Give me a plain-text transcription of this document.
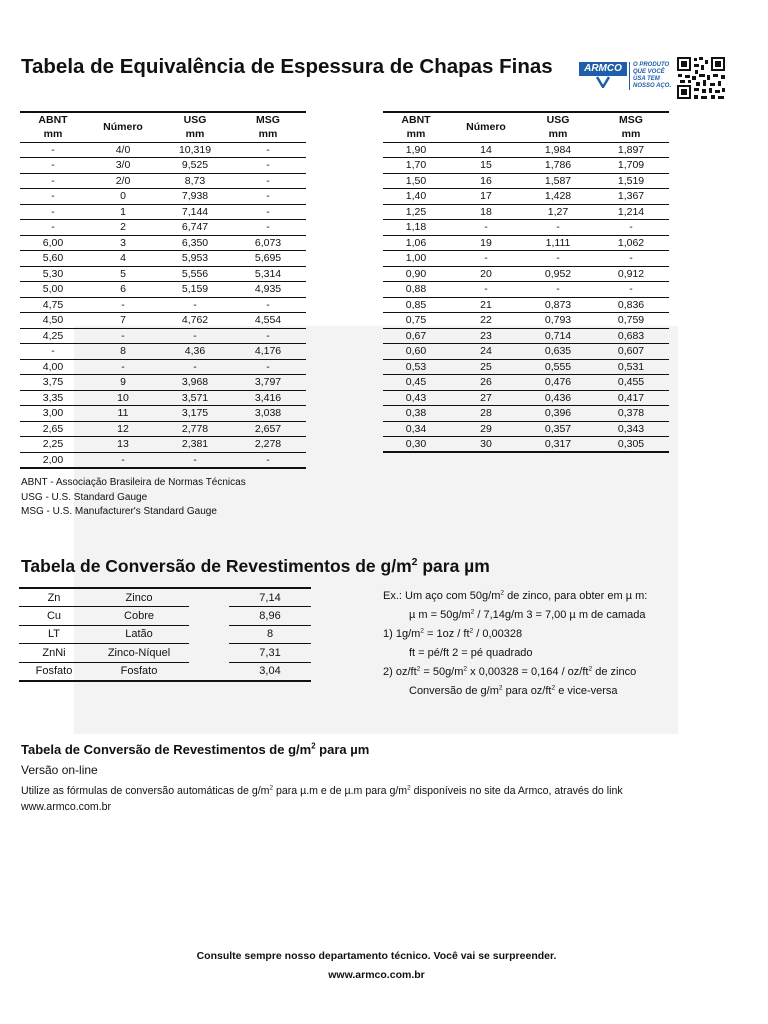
Tabela de Equivalência de Espessura de Chapas Finas	ARMCO	O PRODUTO
QUE VOCÊ
USA TEM
NOSSO AÇO.
ABNT	Número	USG	MSG
mm		mm	mm
-	4/0	10,319	-
-	3/0	9,525	-
-	2/0	8,73	-
-	0	7,938	-
-	1	7,144	-
-	2	6,747	-
6,00	3	6,350	6,073
5,60	4	5,953	5,695
5,30	5	5,556	5,314
5,00	6	5,159	4,935
4,75	-	-	-
4,50	7	4,762	4,554
4,25	-	-	-
-	8	4,36	4,176
4,00	-	-	-
3,75	9	3,968	3,797
3,35	10	3,571	3,416
3,00	11	3,175	3,038
2,65	12	2,778	2,657
2,25	13	2,381	2,278
2,00	-	-	-
ABNT	Número	USG	MSG
mm		mm	mm
1,90	14	1,984	1,897
1,70	15	1,786	1,709
1,50	16	1,587	1,519
1,40	17	1,428	1,367
1,25	18	1,27	1,214
1,18	-	-	-
1,06	19	1,111	1,062
1,00	-	-	-
0,90	20	0,952	0,912
0,88	-	-	-
0,85	21	0,873	0,836
0,75	22	0,793	0,759
0,67	23	0,714	0,683
0,60	24	0,635	0,607
0,53	25	0,555	0,531
0,45	26	0,476	0,455
0,43	27	0,436	0,417
0,38	28	0,396	0,378
0,34	29	0,357	0,343
0,30	30	0,317	0,305
ABNT - Associação Brasileira de Normas Técnicas
USG - U.S. Standard Gauge
MSG - U.S. Manufacturer's Standard Gauge
Tabela de Conversão de Revestimentos de $g/m^2$ para µm
Zn	Zinco		7,14
Cu	Cobre		8,96
LT	Latão		8
ZnNi	Zinco-Níquel		7,31
Fosfato	Fosfato		3,04
Ex.: Um aço com $50g/m^2$ de zinco, para obter em µ m:
µ $m = 50g/m^2 / 7,14g/m$ 3 = 7,00 µ m de camada
1) $1g/m^2 = 1oz / ft^2 / 0,00328$
ft = pé/ft 2 = pé quadrado
2) $oz/ft^2 = 50g/m^2$ x $0,00328 = 0,164 / oz/ft^2$ de zinco
Conversão de $g/m^2$ para $oz/ft^2$ e vice-versa
Tabela de Conversão de Revestimentos de $g/m^2$ para µm
Versão on-line
Utilize as fórmulas de conversão automáticas de $g/m^2$ para µ.m e de µ.m para $g/m^2$ disponíveis no site da Armco, através do link
www.armco.com.br
Consulte sempre nosso departamento técnico. Você vai se surpreender.
www.armco.com.br
